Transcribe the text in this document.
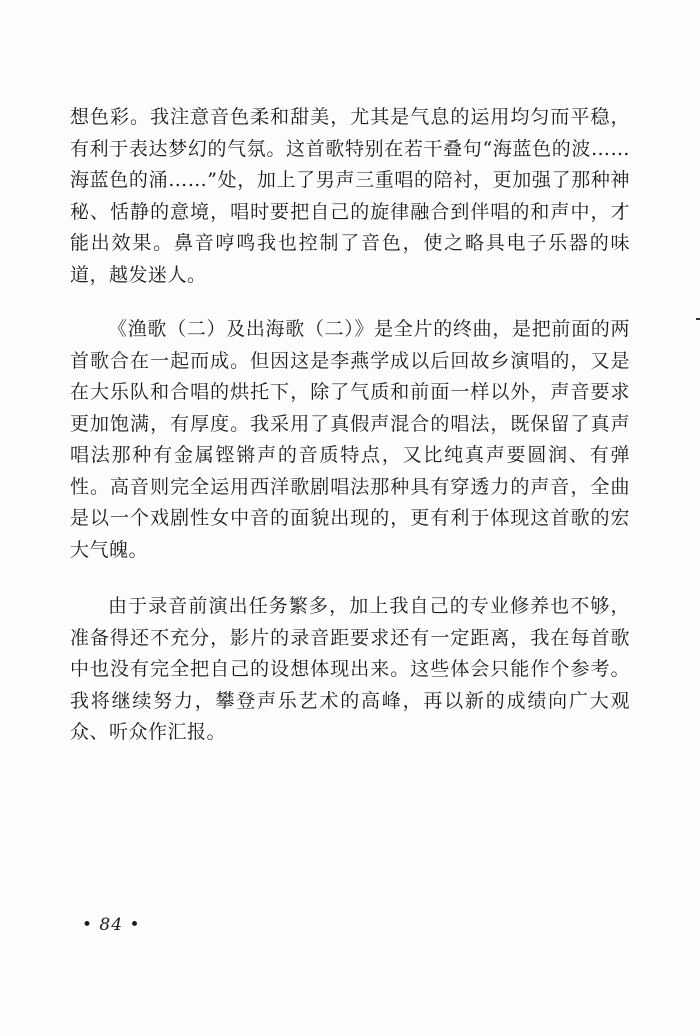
想色彩。我注意音色柔和甜美，尤其是气息的运用均匀而平稳，有利于表达梦幻的气氛。这首歌特别在若干叠句“海蓝色的波……海蓝色的涌……”处，加上了男声三重唱的陪衬，更加强了那种神秘、恬静的意境，唱时要把自己的旋律融合到伴唱的和声中，才能出效果。鼻音哼鸣我也控制了音色，使之略具电子乐器的味道，越发迷人。

《渔歌（二）及出海歌（二）》是全片的终曲，是把前面的两首歌合在一起而成。但因这是李燕学成以后回故乡演唱的，又是在大乐队和合唱的烘托下，除了气质和前面一样以外，声音要求更加饱满，有厚度。我采用了真假声混合的唱法，既保留了真声唱法那种有金属铿锵声的音质特点，又比纯真声要圆润、有弹性。高音则完全运用西洋歌剧唱法那种具有穿透力的声音，全曲是以一个戏剧性女中音的面貌出现的，更有利于体现这首歌的宏大气魄。

由于录音前演出任务繁多，加上我自己的专业修养也不够，准备得还不充分，影片的录音距要求还有一定距离，我在每首歌中也没有完全把自己的设想体现出来。这些体会只能作个参考。我将继续努力，攀登声乐艺术的高峰，再以新的成绩向广大观众、听众作汇报。

• 84 •
